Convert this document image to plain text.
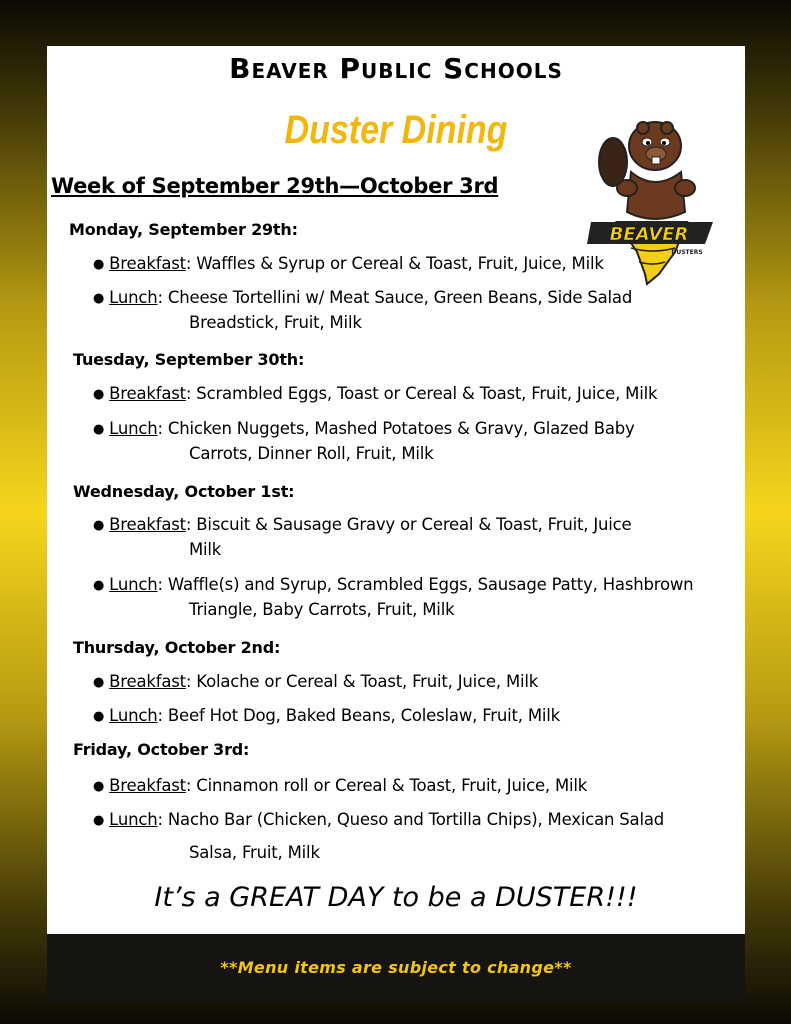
Beaver Public Schools
Duster Dining
Week of September 29th—October 3rd
BEAVER
DUSTERS
Monday, September 29th:
● Breakfast: Waffles & Syrup or Cereal & Toast, Fruit, Juice, Milk
● Lunch: Cheese Tortellini w/ Meat Sauce, Green Beans, Side Salad
Breadstick, Fruit, Milk
Tuesday, September 30th:
● Breakfast: Scrambled Eggs, Toast or Cereal & Toast, Fruit, Juice, Milk
● Lunch: Chicken Nuggets, Mashed Potatoes & Gravy, Glazed Baby
Carrots, Dinner Roll, Fruit, Milk
Wednesday, October 1st:
● Breakfast: Biscuit & Sausage Gravy or Cereal & Toast, Fruit, Juice
Milk
● Lunch: Waffle(s) and Syrup, Scrambled Eggs, Sausage Patty, Hashbrown
Triangle, Baby Carrots, Fruit, Milk
Thursday, October 2nd:
● Breakfast: Kolache or Cereal & Toast, Fruit, Juice, Milk
● Lunch: Beef Hot Dog, Baked Beans, Coleslaw, Fruit, Milk
Friday, October 3rd:
● Breakfast: Cinnamon roll or Cereal & Toast, Fruit, Juice, Milk
● Lunch: Nacho Bar (Chicken, Queso and Tortilla Chips), Mexican Salad
Salsa, Fruit, Milk
It’s a GREAT DAY to be a DUSTER!!!
**Menu items are subject to change**
